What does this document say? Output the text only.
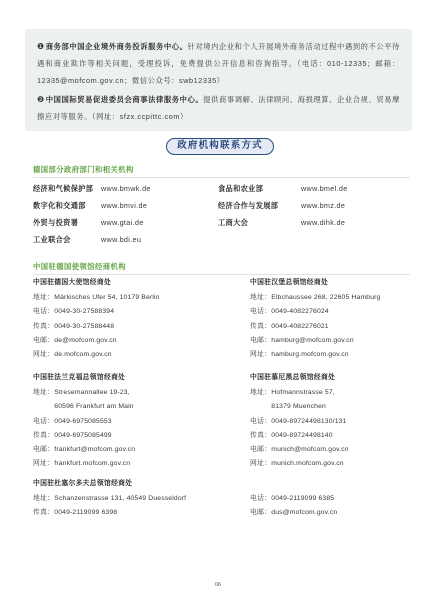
❶商务部中国企业境外商务投诉服务中心。针对境内企业和个人开展境外商务活动过程中遇到的不公平待遇和商业欺诈等相关问题，受理投诉，免费提供公开信息和咨询指导。（电话：010-12335；邮箱：12335@mofcom.gov.cn；微信公众号：swb12335）

❷中国国际贸易促进委员会商事法律服务中心。提供商事调解、法律顾问、海损理算、企业合规、贸易摩擦应对等服务。（网址：sfzx.ccpittc.com）

政府机构联系方式
德国部分政府部门和相关机构
经济和气候保护部	www.bmwk.de	食品和农业部	www.bmel.de
数字化和交通部	www.bmvi.de	经济合作与发展部	www.bmz.de
外贸与投资署	www.gtai.de	工商大会	www.dihk.de
工业联合会	www.bdi.eu
中国驻德国使领馆经商机构
中国驻德国大使馆经商处
地址：Märkisches Ufer 54, 10179 Berlin
电话：0049-30-27588394
传真：0049-30-27588448
电邮：de@mofcom.gov.cn
网址：de.mofcom.gov.cn
中国驻汉堡总领馆经商处
地址：Elbchaussee 268, 22605 Hamburg
电话：0049-4082276024
传真：0049-4082276021
电邮：hamburg@mofcom.gov.cn
网址：hamburg.mofcom.gov.cn
中国驻法兰克福总领馆经商处
地址：Stresemannallee 19-23,
60596 Frankfurt am Main
电话：0049-6975085553
传真：0049-6975085499
电邮：frankfurt@mofcom.gov.cn
网址：frankfurt.mofcom.gov.cn
中国驻慕尼黑总领馆经商处
地址：Hofmannstrasse 57,
81379 Muenchen
电话：0049-89724498130/131
传真：0049-89724498140
电邮：munich@mofcom.gov.cn
网址：munich.mofcom.gov.cn
中国驻杜塞尔多夫总领馆经商处
地址：Schanzenstrasse 131, 40549 Duesseldorf
传真：0049-2119099 6398
电话：0049-2119099 6385
电邮：dus@mofcom.gov.cn
06
